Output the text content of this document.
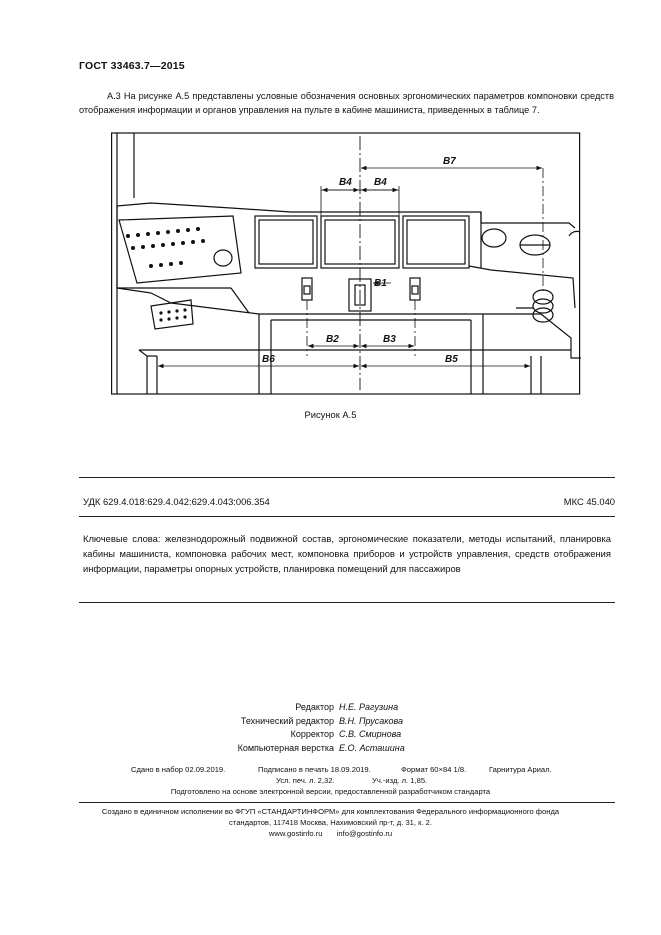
ГОСТ 33463.7—2015

А.3 На рисунке А.5 представлены условные обозначения основных эргономических параметров компоновки средств отображения информации и органов управления на пульте в кабине машиниста, приведенных в таблице 7.

В4 В4
В7
В1
В2	В3
В6	В5
Рисунок А.5
УДК 629.4.018:629.4.042:629.4.043:006.354	МКС 45.040
Ключевые слова: железнодорожный подвижной состав, эргономические показатели, методы испытаний, планировка кабины машиниста, компоновка рабочих мест, компоновка приборов и устройств управления, средств отображения информации, параметры опорных устройств, планировка помещений для пассажиров
Редактор Н.Е. Рагузина
Технический редактор В.Н. Прусакова
Корректор С.В. Смирнова
Компьютерная верстка Е.О. Асташина
Сдано в набор 02.09.2019.	Подписано в печать 18.09.2019.	Формат 60×84 1/8.	Гарнитура Ариал.
Усл. печ. л. 2,32.	Уч.-изд. л. 1,85.
Подготовлено на основе электронной версии, предоставленной разработчиком стандарта
Создано в единичном исполнении во ФГУП «СТАНДАРТИНФОРМ» для комплектования Федерального информационного фонда
стандартов, 117418 Москва, Нахимовский пр-т, д. 31, к. 2.
www.gostinfo.ru info@gostinfo.ru
